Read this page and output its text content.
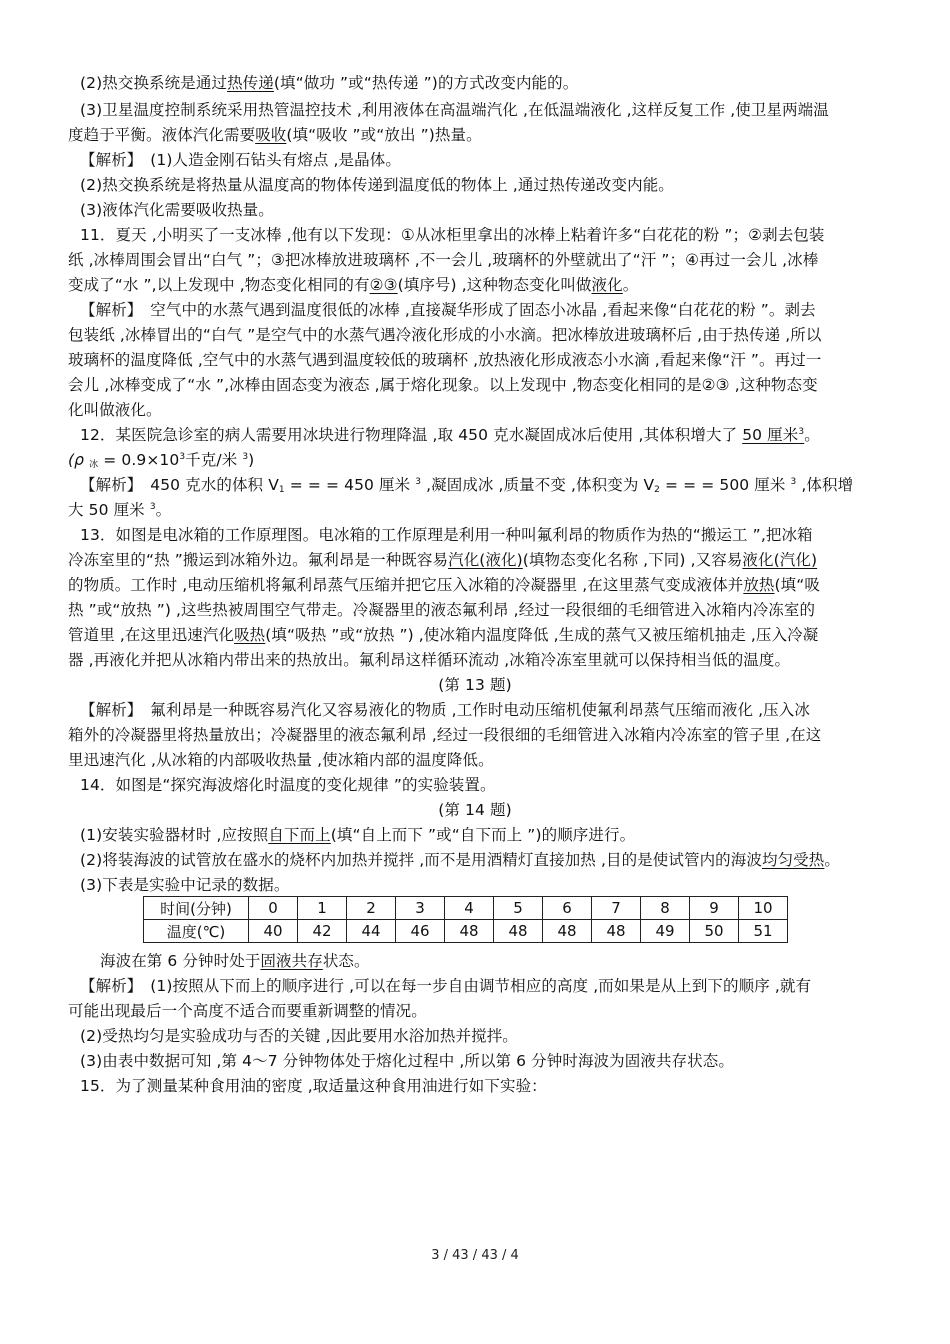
(2)热交换系统是通过热传递(填“做功 ”或“热传递 ”)的方式改变内能的。
(3)卫星温度控制系统采用热管温控技术 ,利用液体在高温端汽化 ,在低温端液化 ,这样反复工作 ,使卫星两端温
度趋于平衡。液体汽化需要吸收(填“吸收 ”或“放出 ”)热量。
【解析】　(1)人造金刚石钻头有熔点 ,是晶体。
(2)热交换系统是将热量从温度高的物体传递到温度低的物体上 ,通过热传递改变内能。
(3)液体汽化需要吸收热量。
11．夏天 ,小明买了一支冰棒 ,他有以下发现：①从冰柜里拿出的冰棒上粘着许多“白花花的粉 ”；②剥去包装
纸 ,冰棒周围会冒出“白气 ”；③把冰棒放进玻璃杯 ,不一会儿 ,玻璃杯的外壁就出了“汗 ”；④再过一会儿 ,冰棒
变成了“水 ”,以上发现中 ,物态变化相同的有②③(填序号) ,这种物态变化叫做液化。
【解析】　空气中的水蒸气遇到温度很低的冰棒 ,直接凝华形成了固态小冰晶 ,看起来像“白花花的粉 ”。剥去
包装纸 ,冰棒冒出的“白气 ”是空气中的水蒸气遇冷液化形成的小水滴。把冰棒放进玻璃杯后 ,由于热传递 ,所以
玻璃杯的温度降低 ,空气中的水蒸气遇到温度较低的玻璃杯 ,放热液化形成液态小水滴 ,看起来像“汗 ”。再过一
会儿 ,冰棒变成了“水 ”,冰棒由固态变为液态 ,属于熔化现象。以上发现中 ,物态变化相同的是②③ ,这种物态变
化叫做液化。
12．某医院急诊室的病人需要用冰块进行物理降温 ,取 450 克水凝固成冰后使用 ,其体积增大了 50 厘米$^3$。
(ρ $_冰 = 0.9\times 10^3$千克/米 $^3$)
【解析】　450 克水的体积 $V_1$ = = = 450 厘米 $^3$ ,凝固成冰 ,质量不变 ,体积变为 $V_2$ = = = 500 厘米 $^3$ ,体积增
大 50 厘米 $^3$。
13．如图是电冰箱的工作原理图。电冰箱的工作原理是利用一种叫氟利昂的物质作为热的“搬运工 ”,把冰箱
冷冻室里的“热 ”搬运到冰箱外边。氟利昂是一种既容易汽化(液化)(填物态变化名称 ,下同) ,又容易液化(汽化)
的物质。工作时 ,电动压缩机将氟利昂蒸气压缩并把它压入冰箱的冷凝器里 ,在这里蒸气变成液体并放热(填“吸
热 ”或“放热 ”) ,这些热被周围空气带走。冷凝器里的液态氟利昂 ,经过一段很细的毛细管进入冰箱内冷冻室的
管道里 ,在这里迅速汽化吸热(填“吸热 ”或“放热 ”) ,使冰箱内温度降低 ,生成的蒸气又被压缩机抽走 ,压入冷凝
器 ,再液化并把从冰箱内带出来的热放出。氟利昂这样循环流动 ,冰箱冷冻室里就可以保持相当低的温度。
(第 13 题)
【解析】　氟利昂是一种既容易汽化又容易液化的物质 ,工作时电动压缩机使氟利昂蒸气压缩而液化 ,压入冰
箱外的冷凝器里将热量放出；冷凝器里的液态氟利昂 ,经过一段很细的毛细管进入冰箱内冷冻室的管子里 ,在这
里迅速汽化 ,从冰箱的内部吸收热量 ,使冰箱内部的温度降低。
14．如图是“探究海波熔化时温度的变化规律 ”的实验装置。
(第 14 题)
(1)安装实验器材时 ,应按照自下而上(填“自上而下 ”或“自下而上 ”)的顺序进行。
(2)将装海波的试管放在盛水的烧杯内加热并搅拌 ,而不是用酒精灯直接加热 ,目的是使试管内的海波均匀受热。
(3)下表是实验中记录的数据。
时间(分钟)	0	1	2	3	4	5	6	7	8	9	10
温度(℃)	40	42	44	46	48	48	48	48	49	50	51
海波在第 6 分钟时处于固液共存状态。
【解析】　(1)按照从下而上的顺序进行 ,可以在每一步自由调节相应的高度 ,而如果是从上到下的顺序 ,就有
可能出现最后一个高度不适合而要重新调整的情况。
(2)受热均匀是实验成功与否的关键 ,因此要用水浴加热并搅拌。
(3)由表中数据可知 ,第 4～7 分钟物体处于熔化过程中 ,所以第 6 分钟时海波为固液共存状态。
15．为了测量某种食用油的密度 ,取适量这种食用油进行如下实验：
3 / 43 / 43 / 4
